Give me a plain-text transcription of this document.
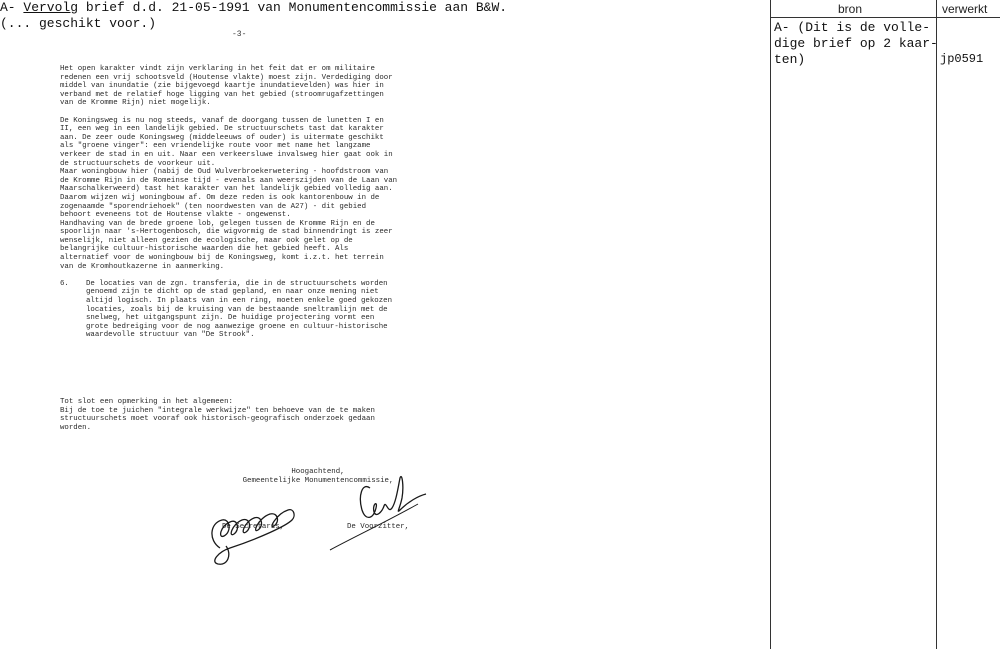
A- Vervolg brief d.d. 21-05-1991 van Monumentencommissie aan B&W.
(... geschikt voor.)
-3-

Het open karakter vindt zijn verklaring in het feit dat er om militaire redenen een vrij schootsveld (Houtense vlakte) moest zijn. Verdediging door middel van inundatie (zie bijgevoegd kaartje inundatievelden) was hier in verband met de relatief hoge ligging van het gebied (stroomrugafzettingen van de Kromme Rijn) niet mogelijk.

De Koningsweg is nu nog steeds, vanaf de doorgang tussen de lunetten I en II, een weg in een landelijk gebied. De structuurschets tast dat karakter aan. De zeer oude Koningsweg (middeleeuws of ouder) is uitermate geschikt als "groene vinger": een vriendelijke route voor met name het langzame verkeer de stad in en uit. Naar een verkeersluwe invalsweg hier gaat ook in de structuurschets de voorkeur uit.

Maar woningbouw hier (nabij de Oud Wulverbroekerwetering - hoofdstroom van de Kromme Rijn in de Romeinse tijd - evenals aan weerszijden van de Laan van Maarschalkerweerd) tast het karakter van het landelijk gebied volledig aan. Daarom wijzen wij woningbouw af. Om deze reden is ook kantorenbouw in de zogenaamde "sporendriehoek" (ten noordwesten van de A27) - dit gebied behoort eveneens tot de Houtense vlakte - ongewenst.

Handhaving van de brede groene lob, gelegen tussen de Kromme Rijn en de spoorlijn naar 's-Hertogenbosch, die wigvormig de stad binnendringt is zeer wenselijk, niet alleen gezien de ecologische, maar ook gelet op de belangrijke cultuur-historische waarden die het gebied heeft. Als alternatief voor de woningbouw bij de Koningsweg, komt i.z.t. het terrein van de Kromhoutkazerne in aanmerking.

6.	De locaties van de zgn. transferia, die in de structuurschets worden genoemd zijn te dicht op de stad gepland, en naar onze mening niet altijd logisch. In plaats van in een ring, moeten enkele goed gekozen locaties, zoals bij de kruising van de bestaande sneltramlijn met de snelweg, het uitgangspunt zijn. De huidige projectering vormt een grote bedreiging voor de nog aanwezige groene en cultuur-historische waardevolle structuur van "De Strook".

Tot slot een opmerking in het algemeen:

Bij de toe te juichen "integrale werkwijze" ten behoeve van de te maken structuurschets moet vooraf ook historisch-geografisch onderzoek gedaan worden.

Hoogachtend,
Gemeentelijke Monumentencommissie,
De Secretaris,	De Voorzitter,
bron	verwerkt
A- (Dit is de volle-
dige brief op 2 kaar-
ten)	jp0591
